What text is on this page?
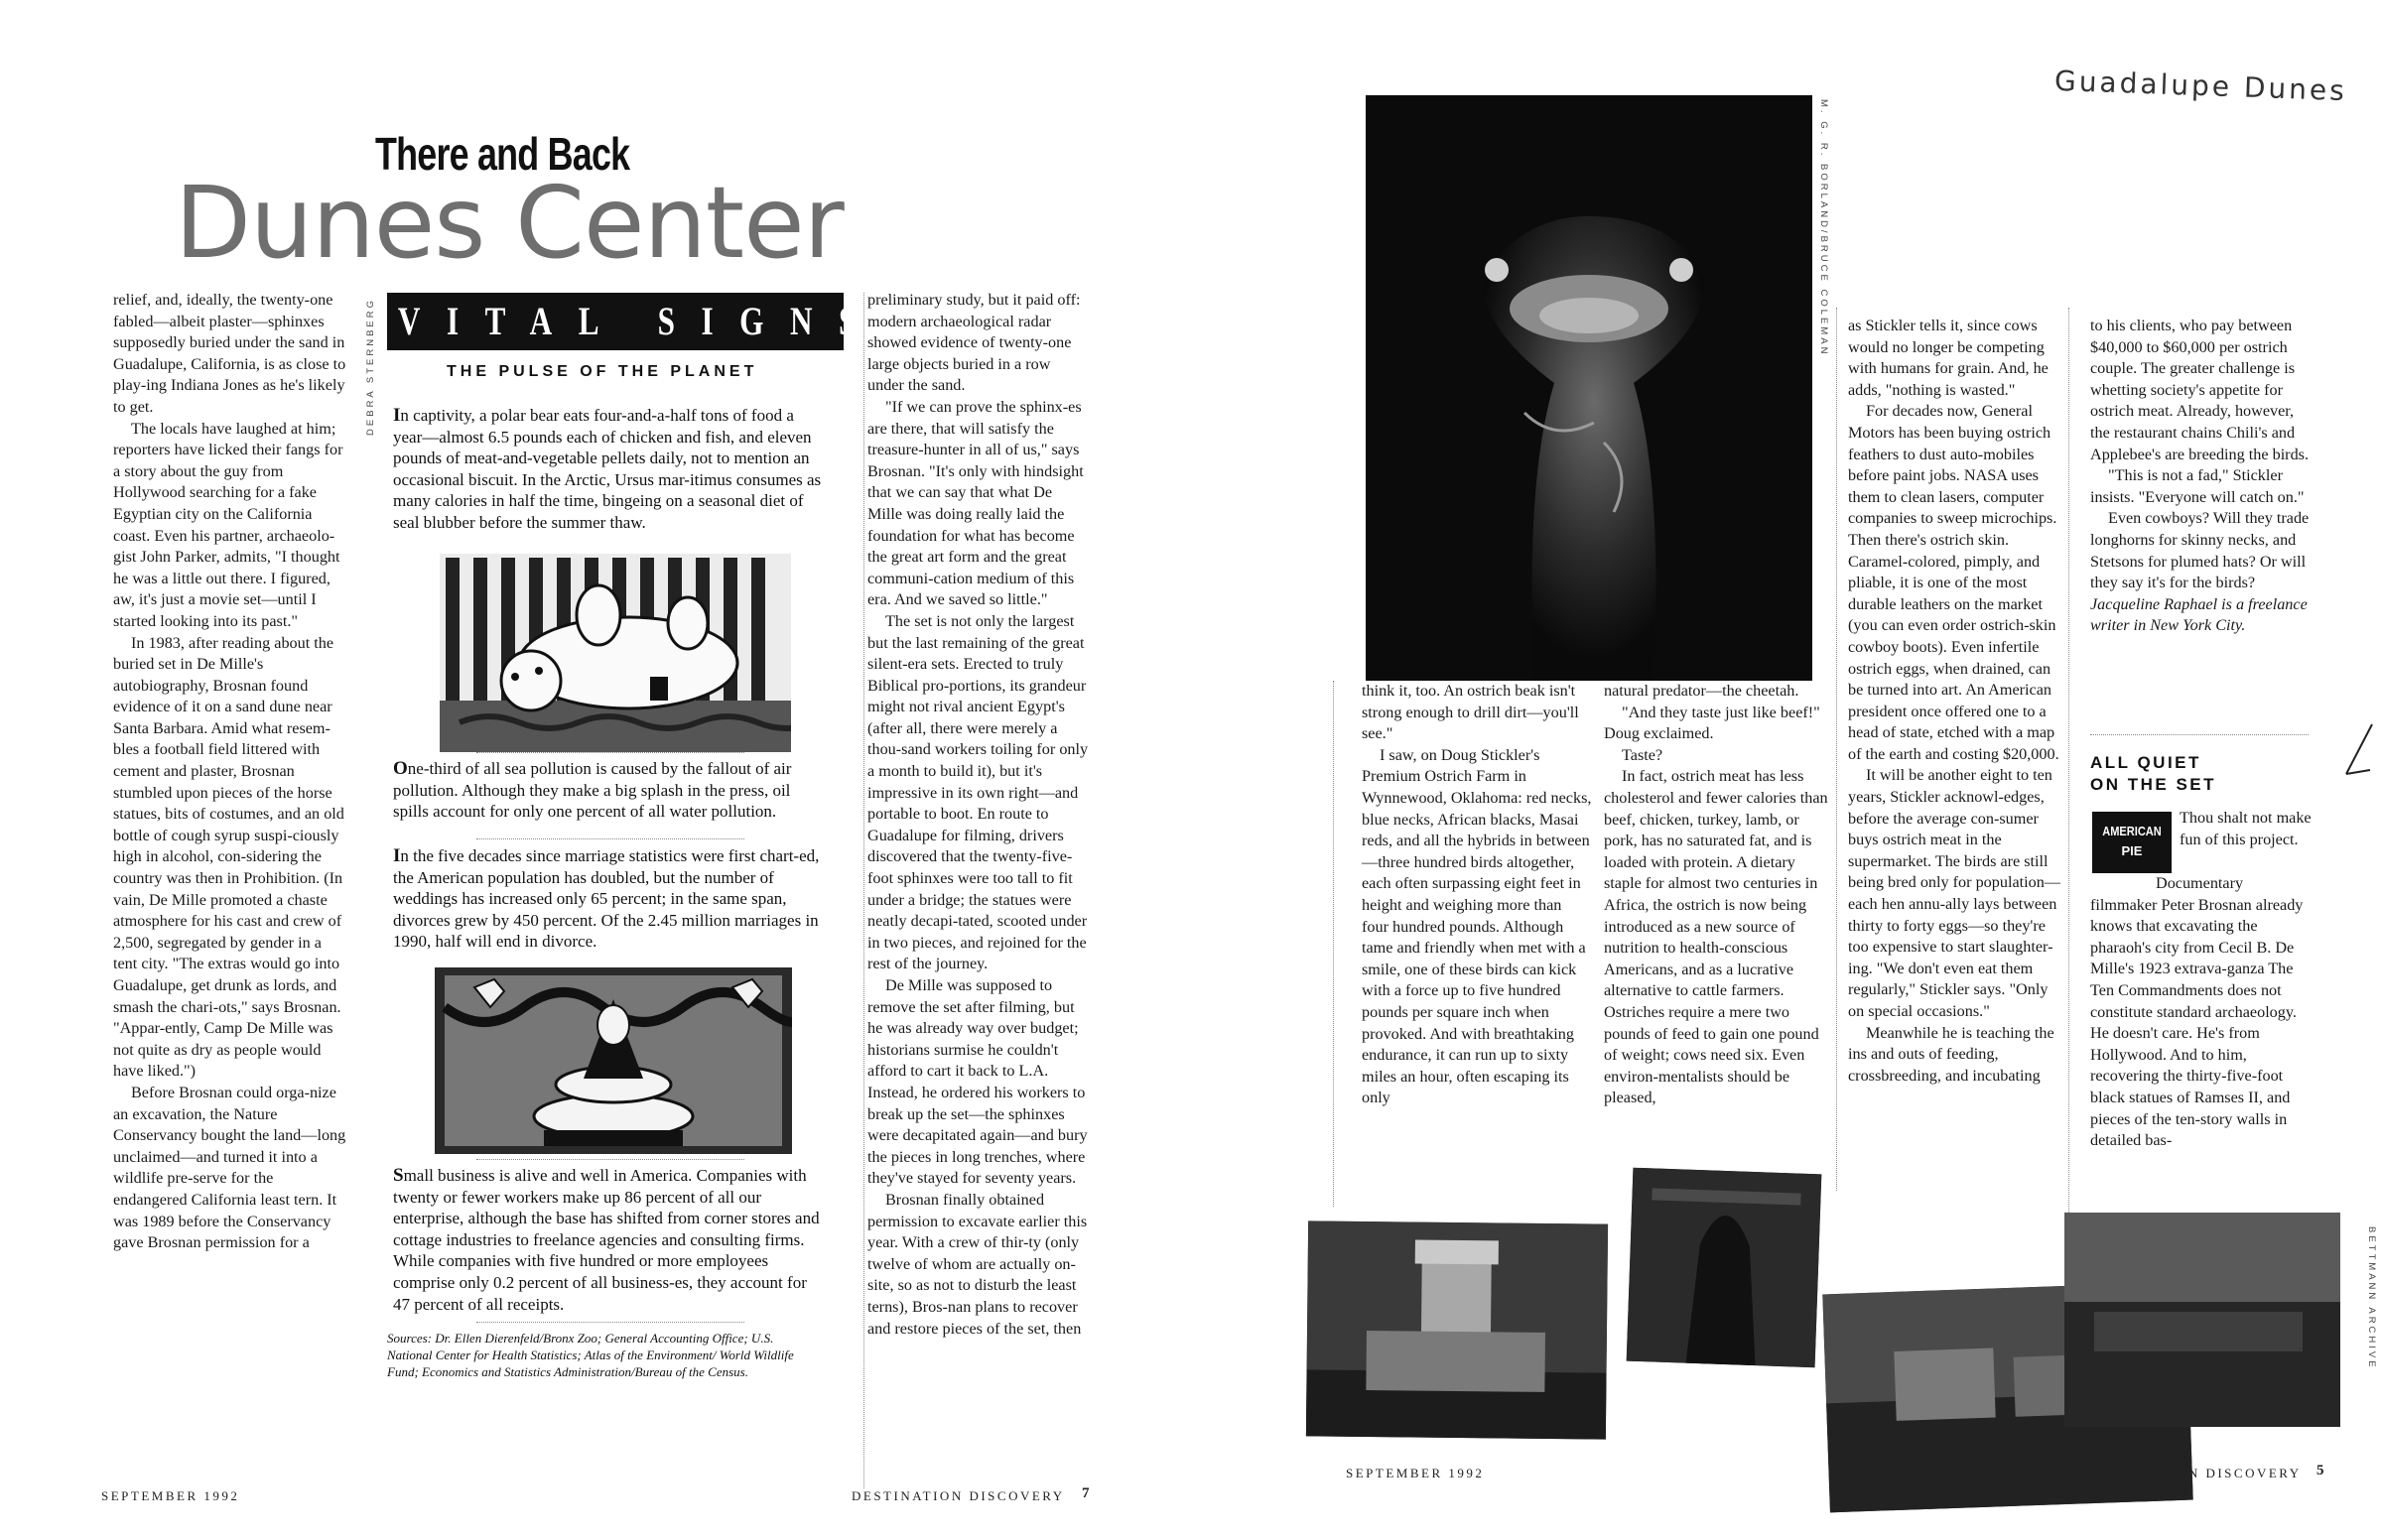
There and Back
Dunes Center

relief, and, ideally, the twenty-one fabled—albeit plaster—sphinxes supposedly buried under the sand in Guadalupe, California, is as close to play-ing Indiana Jones as he's likely to get.

The locals have laughed at him; reporters have licked their fangs for a story about the guy from Hollywood searching for a fake Egyptian city on the California coast. Even his partner, archaeolo-gist John Parker, admits, "I thought he was a little out there. I figured, aw, it's just a movie set—until I started looking into its past."

In 1983, after reading about the buried set in De Mille's autobiography, Brosnan found evidence of it on a sand dune near Santa Barbara. Amid what resem-bles a football field littered with cement and plaster, Brosnan stumbled upon pieces of the horse statues, bits of costumes, and an old bottle of cough syrup suspi-ciously high in alcohol, con-sidering the country was then in Prohibition. (In vain, De Mille promoted a chaste atmosphere for his cast and crew of 2,500, segregated by gender in a tent city. "The extras would go into Guadalupe, get drunk as lords, and smash the chari-ots," says Brosnan. "Appar-ently, Camp De Mille was not quite as dry as people would have liked.")

Before Brosnan could orga-nize an excavation, the Nature Conservancy bought the land—long unclaimed—and turned it into a wildlife pre-serve for the endangered California least tern. It was 1989 before the Conservancy gave Brosnan permission for a

DEBRA STERNBERG VITAL SIGNS
THE PULSE OF THE PLANET
In captivity, a polar bear eats four-and-a-half tons of food a year—almost 6.5 pounds each of chicken and fish, and eleven pounds of meat-and-vegetable pellets daily, not to mention an occasional biscuit. In the Arctic, Ursus mar-itimus consumes as many calories in half the time, bingeing on a seasonal diet of seal blubber before the summer thaw.
One-third of all sea pollution is caused by the fallout of air pollution. Although they make a big splash in the press, oil spills account for only one percent of all water pollution.
In the five decades since marriage statistics were first chart-ed, the American population has doubled, but the number of weddings has increased only 65 percent; in the same span, divorces grew by 450 percent. Of the 2.45 million marriages in 1990, half will end in divorce.
Small business is alive and well in America. Companies with twenty or fewer workers make up 86 percent of all our enterprise, although the base has shifted from corner stores and cottage industries to freelance agencies and consulting firms. While companies with five hundred or more employees comprise only 0.2 percent of all business-es, they account for 47 percent of all receipts.
Sources: Dr. Ellen Dierenfeld/Bronx Zoo; General Accounting Office; U.S. National Center for Health Statistics; Atlas of the Environment/ World Wildlife Fund; Economics and Statistics Administration/Bureau of the Census.

preliminary study, but it paid off: modern archaeological radar showed evidence of twenty-one large objects buried in a row under the sand.

"If we can prove the sphinx-es are there, that will satisfy the treasure-hunter in all of us," says Brosnan. "It's only with hindsight that we can say that what De Mille was doing really laid the foundation for what has become the great art form and the great communi-cation medium of this era. And we saved so little."

The set is not only the largest but the last remaining of the great silent-era sets. Erected to truly Biblical pro-portions, its grandeur might not rival ancient Egypt's (after all, there were merely a thou-sand workers toiling for only a month to build it), but it's impressive in its own right—and portable to boot. En route to Guadalupe for filming, drivers discovered that the twenty-five-foot sphinxes were too tall to fit under a bridge; the statues were neatly decapi-tated, scooted under in two pieces, and rejoined for the rest of the journey.

De Mille was supposed to remove the set after filming, but he was already way over budget; historians surmise he couldn't afford to cart it back to L.A. Instead, he ordered his workers to break up the set—the sphinxes were decapitated again—and bury the pieces in long trenches, where they've stayed for seventy years.

Brosnan finally obtained permission to excavate earlier this year. With a crew of thir-ty (only twelve of whom are actually on-site, so as not to disturb the least terns), Bros-nan plans to recover and restore pieces of the set, then

SEPTEMBER 1992	DESTINATION DISCOVERY 7
Guadalupe Dunes
M. G. R. BORLAND/BRUCE COLEMAN

think it, too. An ostrich beak isn't strong enough to drill dirt—you'll see."

I saw, on Doug Stickler's Premium Ostrich Farm in Wynnewood, Oklahoma: red necks, blue necks, African blacks, Masai reds, and all the hybrids in between—three hundred birds altogether, each often surpassing eight feet in height and weighing more than four hundred pounds. Although tame and friendly when met with a smile, one of these birds can kick with a force up to five hundred pounds per square inch when provoked. And with breathtaking endurance, it can run up to sixty miles an hour, often escaping its only

natural predator—the cheetah.

"And they taste just like beef!" Doug exclaimed.

Taste?

In fact, ostrich meat has less cholesterol and fewer calories than beef, chicken, turkey, lamb, or pork, has no saturated fat, and is loaded with protein. A dietary staple for almost two centuries in Africa, the ostrich is now being introduced as a new source of nutrition to health-conscious Americans, and as a lucrative alternative to cattle farmers. Ostriches require a mere two pounds of feed to gain one pound of weight; cows need six. Even environ-mentalists should be pleased,

as Stickler tells it, since cows would no longer be competing with humans for grain. And, he adds, "nothing is wasted."

For decades now, General Motors has been buying ostrich feathers to dust auto-mobiles before paint jobs. NASA uses them to clean lasers, computer companies to sweep microchips. Then there's ostrich skin. Caramel-colored, pimply, and pliable, it is one of the most durable leathers on the market (you can even order ostrich-skin cowboy boots). Even infertile ostrich eggs, when drained, can be turned into art. An American president once offered one to a head of state, etched with a map of the earth and costing $20,000.

It will be another eight to ten years, Stickler acknowl-edges, before the average con-sumer buys ostrich meat in the supermarket. The birds are still being bred only for population—each hen annu-ally lays between thirty to forty eggs—so they're too expensive to start slaughter-ing. "We don't even eat them regularly," Stickler says. "Only on special occasions."

Meanwhile he is teaching the ins and outs of feeding, crossbreeding, and incubating

to his clients, who pay between $40,000 to $60,000 per ostrich couple. The greater challenge is whetting society's appetite for ostrich meat. Already, however, the restaurant chains Chili's and Applebee's are breeding the birds.

"This is not a fad," Stickler insists. "Everyone will catch on."

Even cowboys? Will they trade longhorns for skinny necks, and Stetsons for plumed hats? Or will they say it's for the birds?

Jacqueline Raphael is a freelance writer in New York City.

ALL QUIET
ON THE SET
AMERICAN
PIE
Thou shalt not make fun of this project.
Documentary filmmaker Peter Brosnan already knows that excavating the pharaoh's city from Cecil B. De Mille's 1923 extrava-ganza The Ten Commandments does not constitute standard archaeology. He doesn't care. He's from Hollywood. And to him, recovering the thirty-five-foot black statues of Ramses II, and pieces of the ten-story walls in detailed bas-
BETTMANN ARCHIVE
SEPTEMBER 1992	DESTINATION DISCOVERY 5
